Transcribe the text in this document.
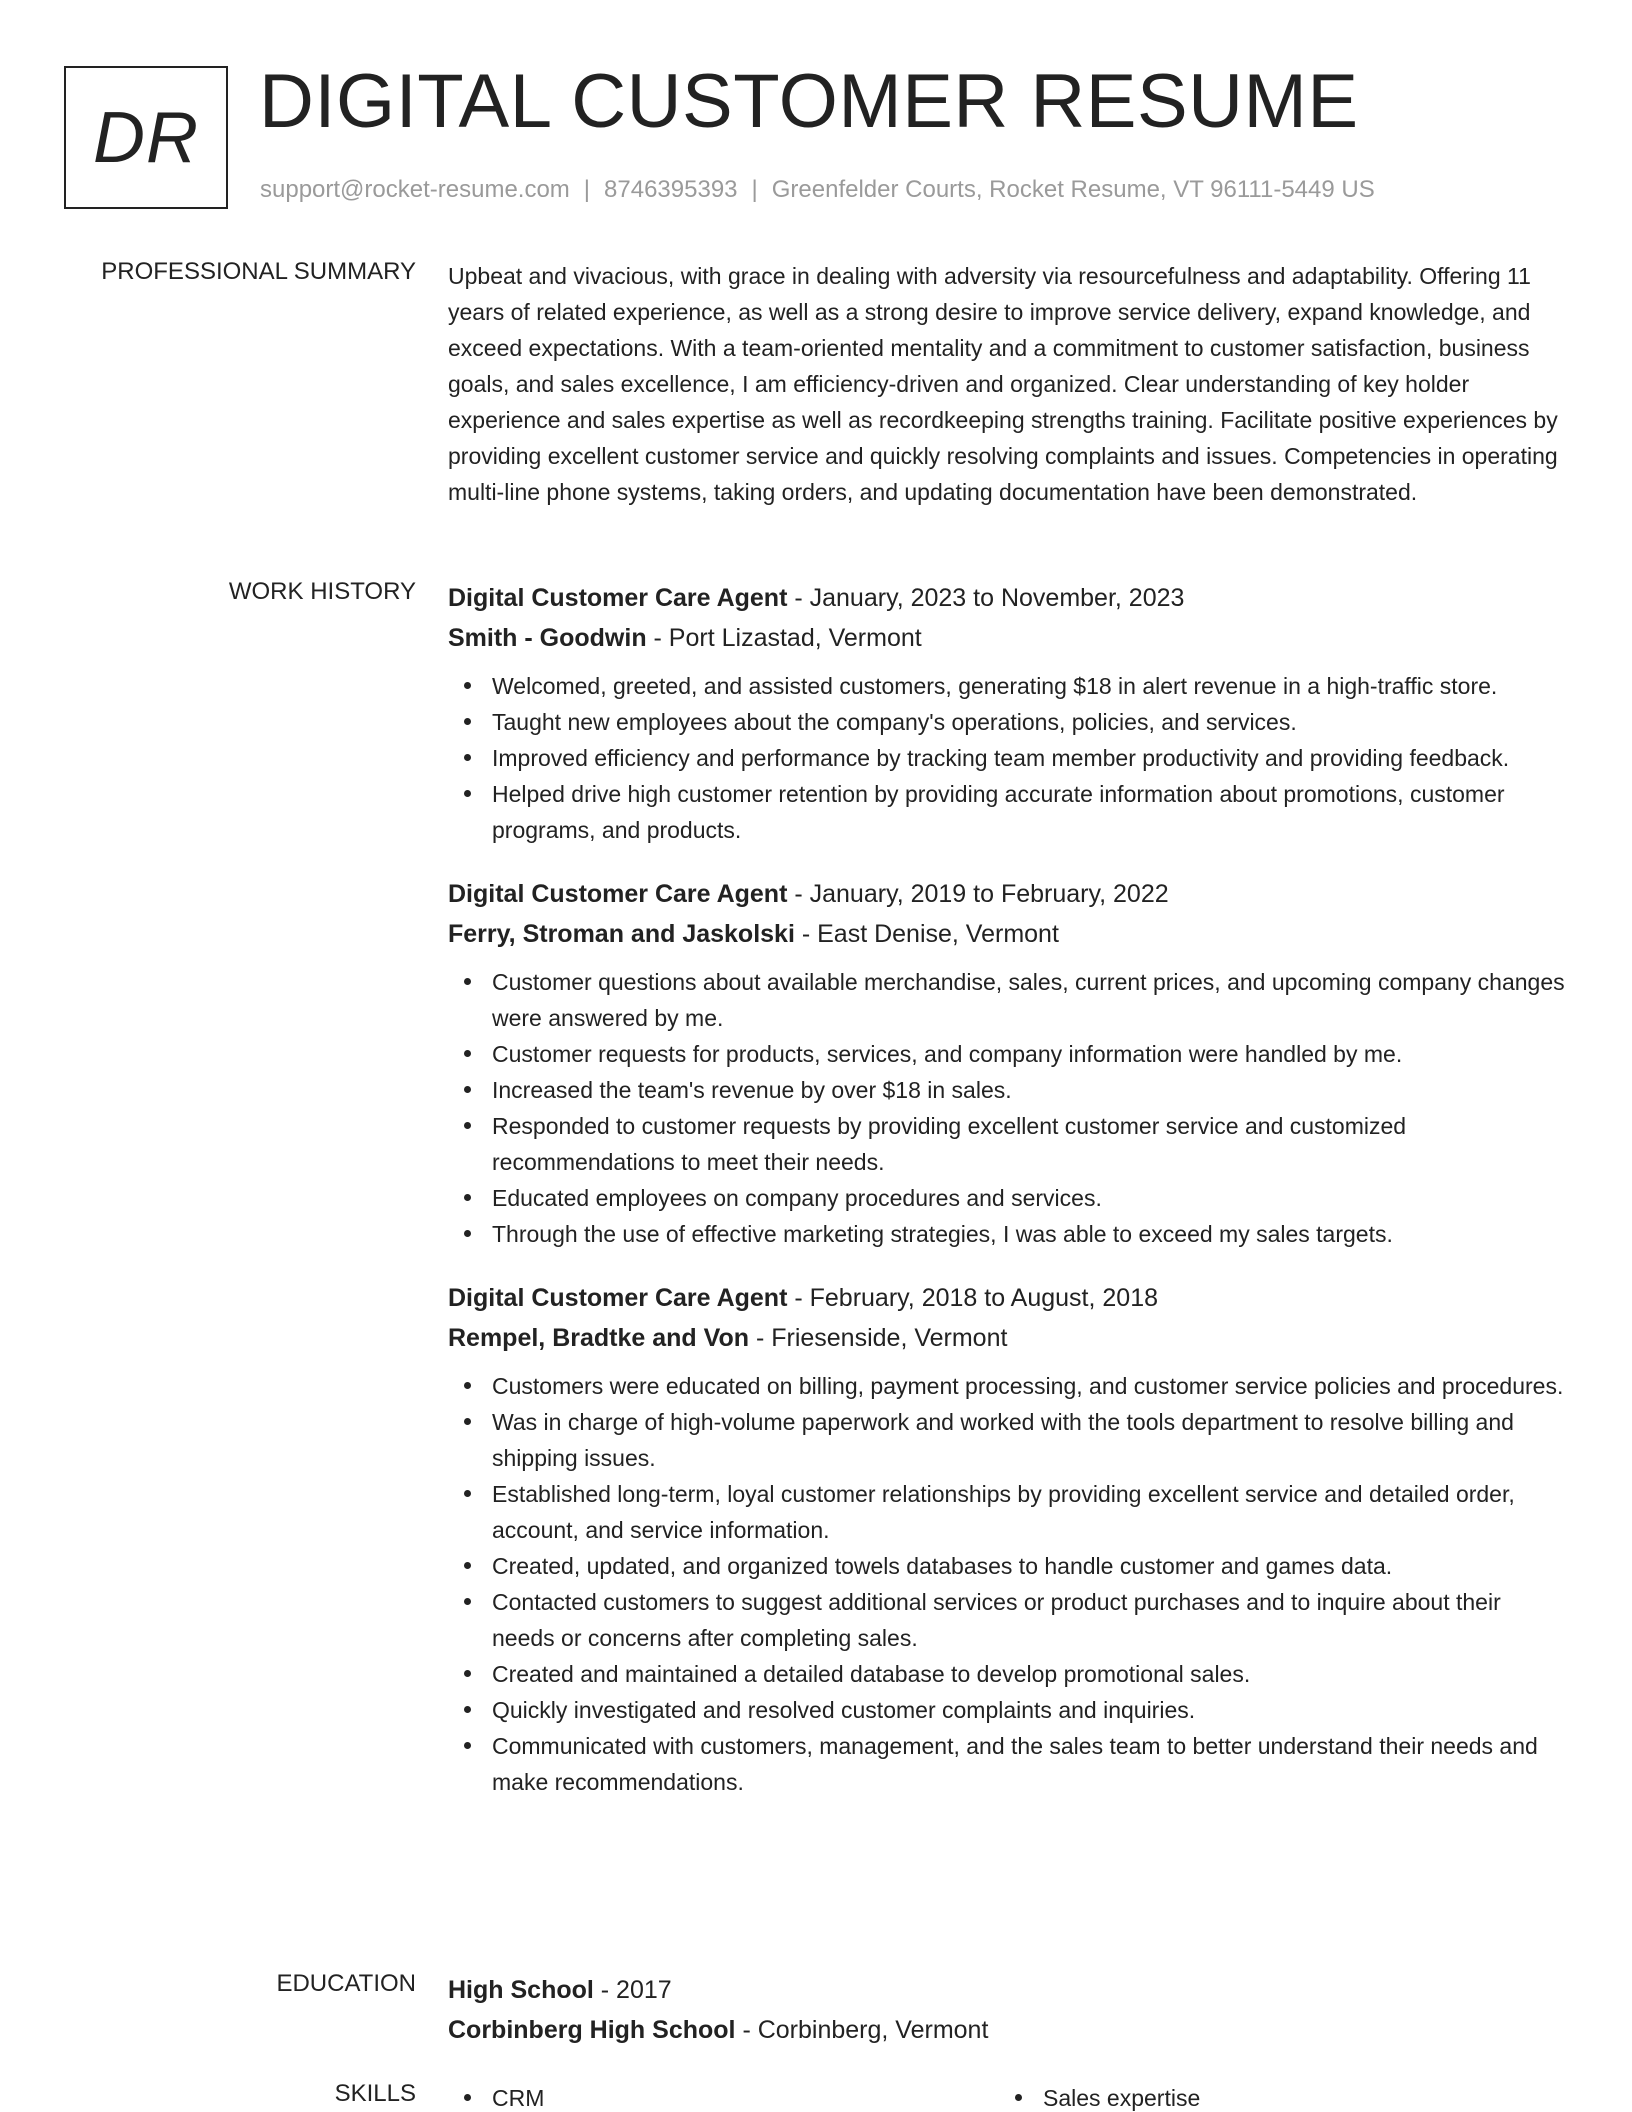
DR DIGITAL CUSTOMER RESUME
support@rocket-resume.com | 8746395393 | Greenfelder Courts, Rocket Resume, VT 96111-5449 US
PROFESSIONAL SUMMARY Upbeat and vivacious, with grace in dealing with adversity via resourcefulness and adaptability. Offering 11 years of related experience, as well as a strong desire to improve service delivery, expand knowledge, and exceed expectations. With a team-oriented mentality and a commitment to customer satisfaction, business goals, and sales excellence, I am efficiency-driven and organized. Clear understanding of key holder experience and sales expertise as well as recordkeeping strengths training. Facilitate positive experiences by providing excellent customer service and quickly resolving complaints and issues. Competencies in operating multi-line phone systems, taking orders, and updating documentation have been demonstrated.

WORK HISTORY Digital Customer Care Agent - January, 2023 to November, 2023
Smith - Goodwin - Port Lizastad, Vermont
Welcomed, greeted, and assisted customers, generating $18 in alert revenue in a high-traffic store.
Taught new employees about the company's operations, policies, and services.
Improved efficiency and performance by tracking team member productivity and providing feedback.
Helped drive high customer retention by providing accurate information about promotions, customer programs, and products.
Digital Customer Care Agent - January, 2019 to February, 2022
Ferry, Stroman and Jaskolski - East Denise, Vermont
Customer questions about available merchandise, sales, current prices, and upcoming company changes were answered by me.
Customer requests for products, services, and company information were handled by me.
Increased the team's revenue by over $18 in sales.
Responded to customer requests by providing excellent customer service and customized recommendations to meet their needs.
Educated employees on company procedures and services.
Through the use of effective marketing strategies, I was able to exceed my sales targets.
Digital Customer Care Agent - February, 2018 to August, 2018
Rempel, Bradtke and Von - Friesenside, Vermont
Customers were educated on billing, payment processing, and customer service policies and procedures.
Was in charge of high-volume paperwork and worked with the tools department to resolve billing and shipping issues.
Established long-term, loyal customer relationships by providing excellent service and detailed order, account, and service information.
Created, updated, and organized towels databases to handle customer and games data.
Contacted customers to suggest additional services or product purchases and to inquire about their needs or concerns after completing sales.
Created and maintained a detailed database to develop promotional sales.
Quickly investigated and resolved customer complaints and inquiries.
Communicated with customers, management, and the sales team to better understand their needs and make recommendations.
EDUCATION High School - 2017
Corbinberg High School - Corbinberg, Vermont
SKILLS	CRM	Sales expertise
